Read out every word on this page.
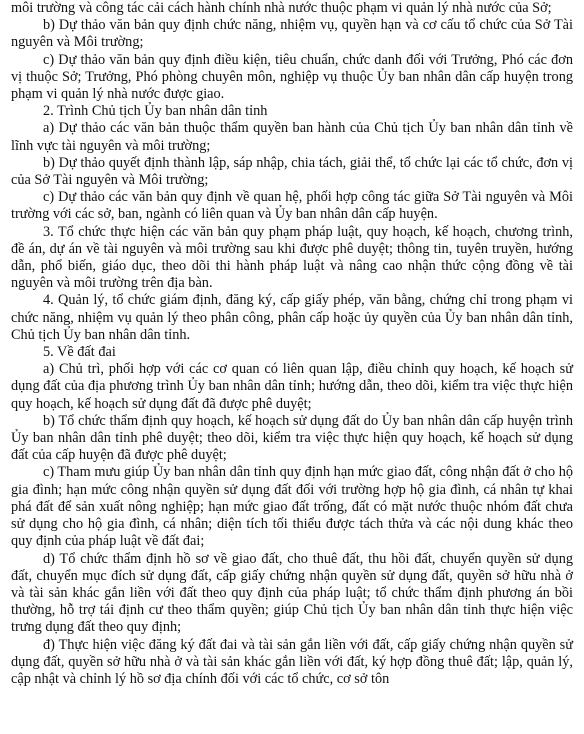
môi trường và công tác cải cách hành chính nhà nước thuộc phạm vi quản lý nhà nước của Sở;

b) Dự thảo văn bản quy định chức năng, nhiệm vụ, quyền hạn và cơ cấu tổ chức của Sở Tài nguyên và Môi trường;

c) Dự thảo văn bản quy định điều kiện, tiêu chuẩn, chức danh đối với Trưởng, Phó các đơn vị thuộc Sở; Trưởng, Phó phòng chuyên môn, nghiệp vụ thuộc Ủy ban nhân dân cấp huyện trong phạm vi quản lý nhà nước được giao.

2. Trình Chủ tịch Ủy ban nhân dân tỉnh

a) Dự thảo các văn bản thuộc thẩm quyền ban hành của Chủ tịch Ủy ban nhân dân tỉnh về lĩnh vực tài nguyên và môi trường;

b) Dự thảo quyết định thành lập, sáp nhập, chia tách, giải thể, tổ chức lại các tổ chức, đơn vị của Sở Tài nguyên và Môi trường;

c) Dự thảo các văn bản quy định về quan hệ, phối hợp công tác giữa Sở Tài nguyên và Môi trường với các sở, ban, ngành có liên quan và Ủy ban nhân dân cấp huyện.

3. Tổ chức thực hiện các văn bản quy phạm pháp luật, quy hoạch, kế hoạch, chương trình, đề án, dự án về tài nguyên và môi trường sau khi được phê duyệt; thông tin, tuyên truyền, hướng dẫn, phổ biến, giáo dục, theo dõi thi hành pháp luật và nâng cao nhận thức cộng đồng về tài nguyên và môi trường trên địa bàn.

4. Quản lý, tổ chức giám định, đăng ký, cấp giấy phép, văn bằng, chứng chỉ trong phạm vi chức năng, nhiệm vụ quản lý theo phân công, phân cấp hoặc ủy quyền của Ủy ban nhân dân tỉnh, Chủ tịch Ủy ban nhân dân tỉnh.

5. Về đất đai

a) Chủ trì, phối hợp với các cơ quan có liên quan lập, điều chỉnh quy hoạch, kế hoạch sử dụng đất của địa phương trình Ủy ban nhân dân tỉnh; hướng dẫn, theo dõi, kiểm tra việc thực hiện quy hoạch, kế hoạch sử dụng đất đã được phê duyệt;

b) Tổ chức thẩm định quy hoạch, kế hoạch sử dụng đất do Ủy ban nhân dân cấp huyện trình Ủy ban nhân dân tỉnh phê duyệt; theo dõi, kiểm tra việc thực hiện quy hoạch, kế hoạch sử dụng đất của cấp huyện đã được phê duyệt;

c) Tham mưu giúp Ủy ban nhân dân tỉnh quy định hạn mức giao đất, công nhận đất ở cho hộ gia đình; hạn mức công nhận quyền sử dụng đất đối với trường hợp hộ gia đình, cá nhân tự khai phá đất để sản xuất nông nghiệp; hạn mức giao đất trống, đất có mặt nước thuộc nhóm đất chưa sử dụng cho hộ gia đình, cá nhân; diện tích tối thiểu được tách thửa và các nội dung khác theo quy định của pháp luật về đất đai;

d) Tổ chức thẩm định hồ sơ về giao đất, cho thuê đất, thu hồi đất, chuyển quyền sử dụng đất, chuyển mục đích sử dụng đất, cấp giấy chứng nhận quyền sử dụng đất, quyền sở hữu nhà ở và tài sản khác gắn liền với đất theo quy định của pháp luật; tổ chức thẩm định phương án bồi thường, hỗ trợ tái định cư theo thẩm quyền; giúp Chủ tịch Ủy ban nhân dân tỉnh thực hiện việc trưng dụng đất theo quy định;

đ) Thực hiện việc đăng ký đất đai và tài sản gắn liền với đất, cấp giấy chứng nhận quyền sử dụng đất, quyền sở hữu nhà ở và tài sản khác gắn liền với đất, ký hợp đồng thuê đất; lập, quản lý, cập nhật và chỉnh lý hồ sơ địa chính đối với các tổ chức, cơ sở tôn
